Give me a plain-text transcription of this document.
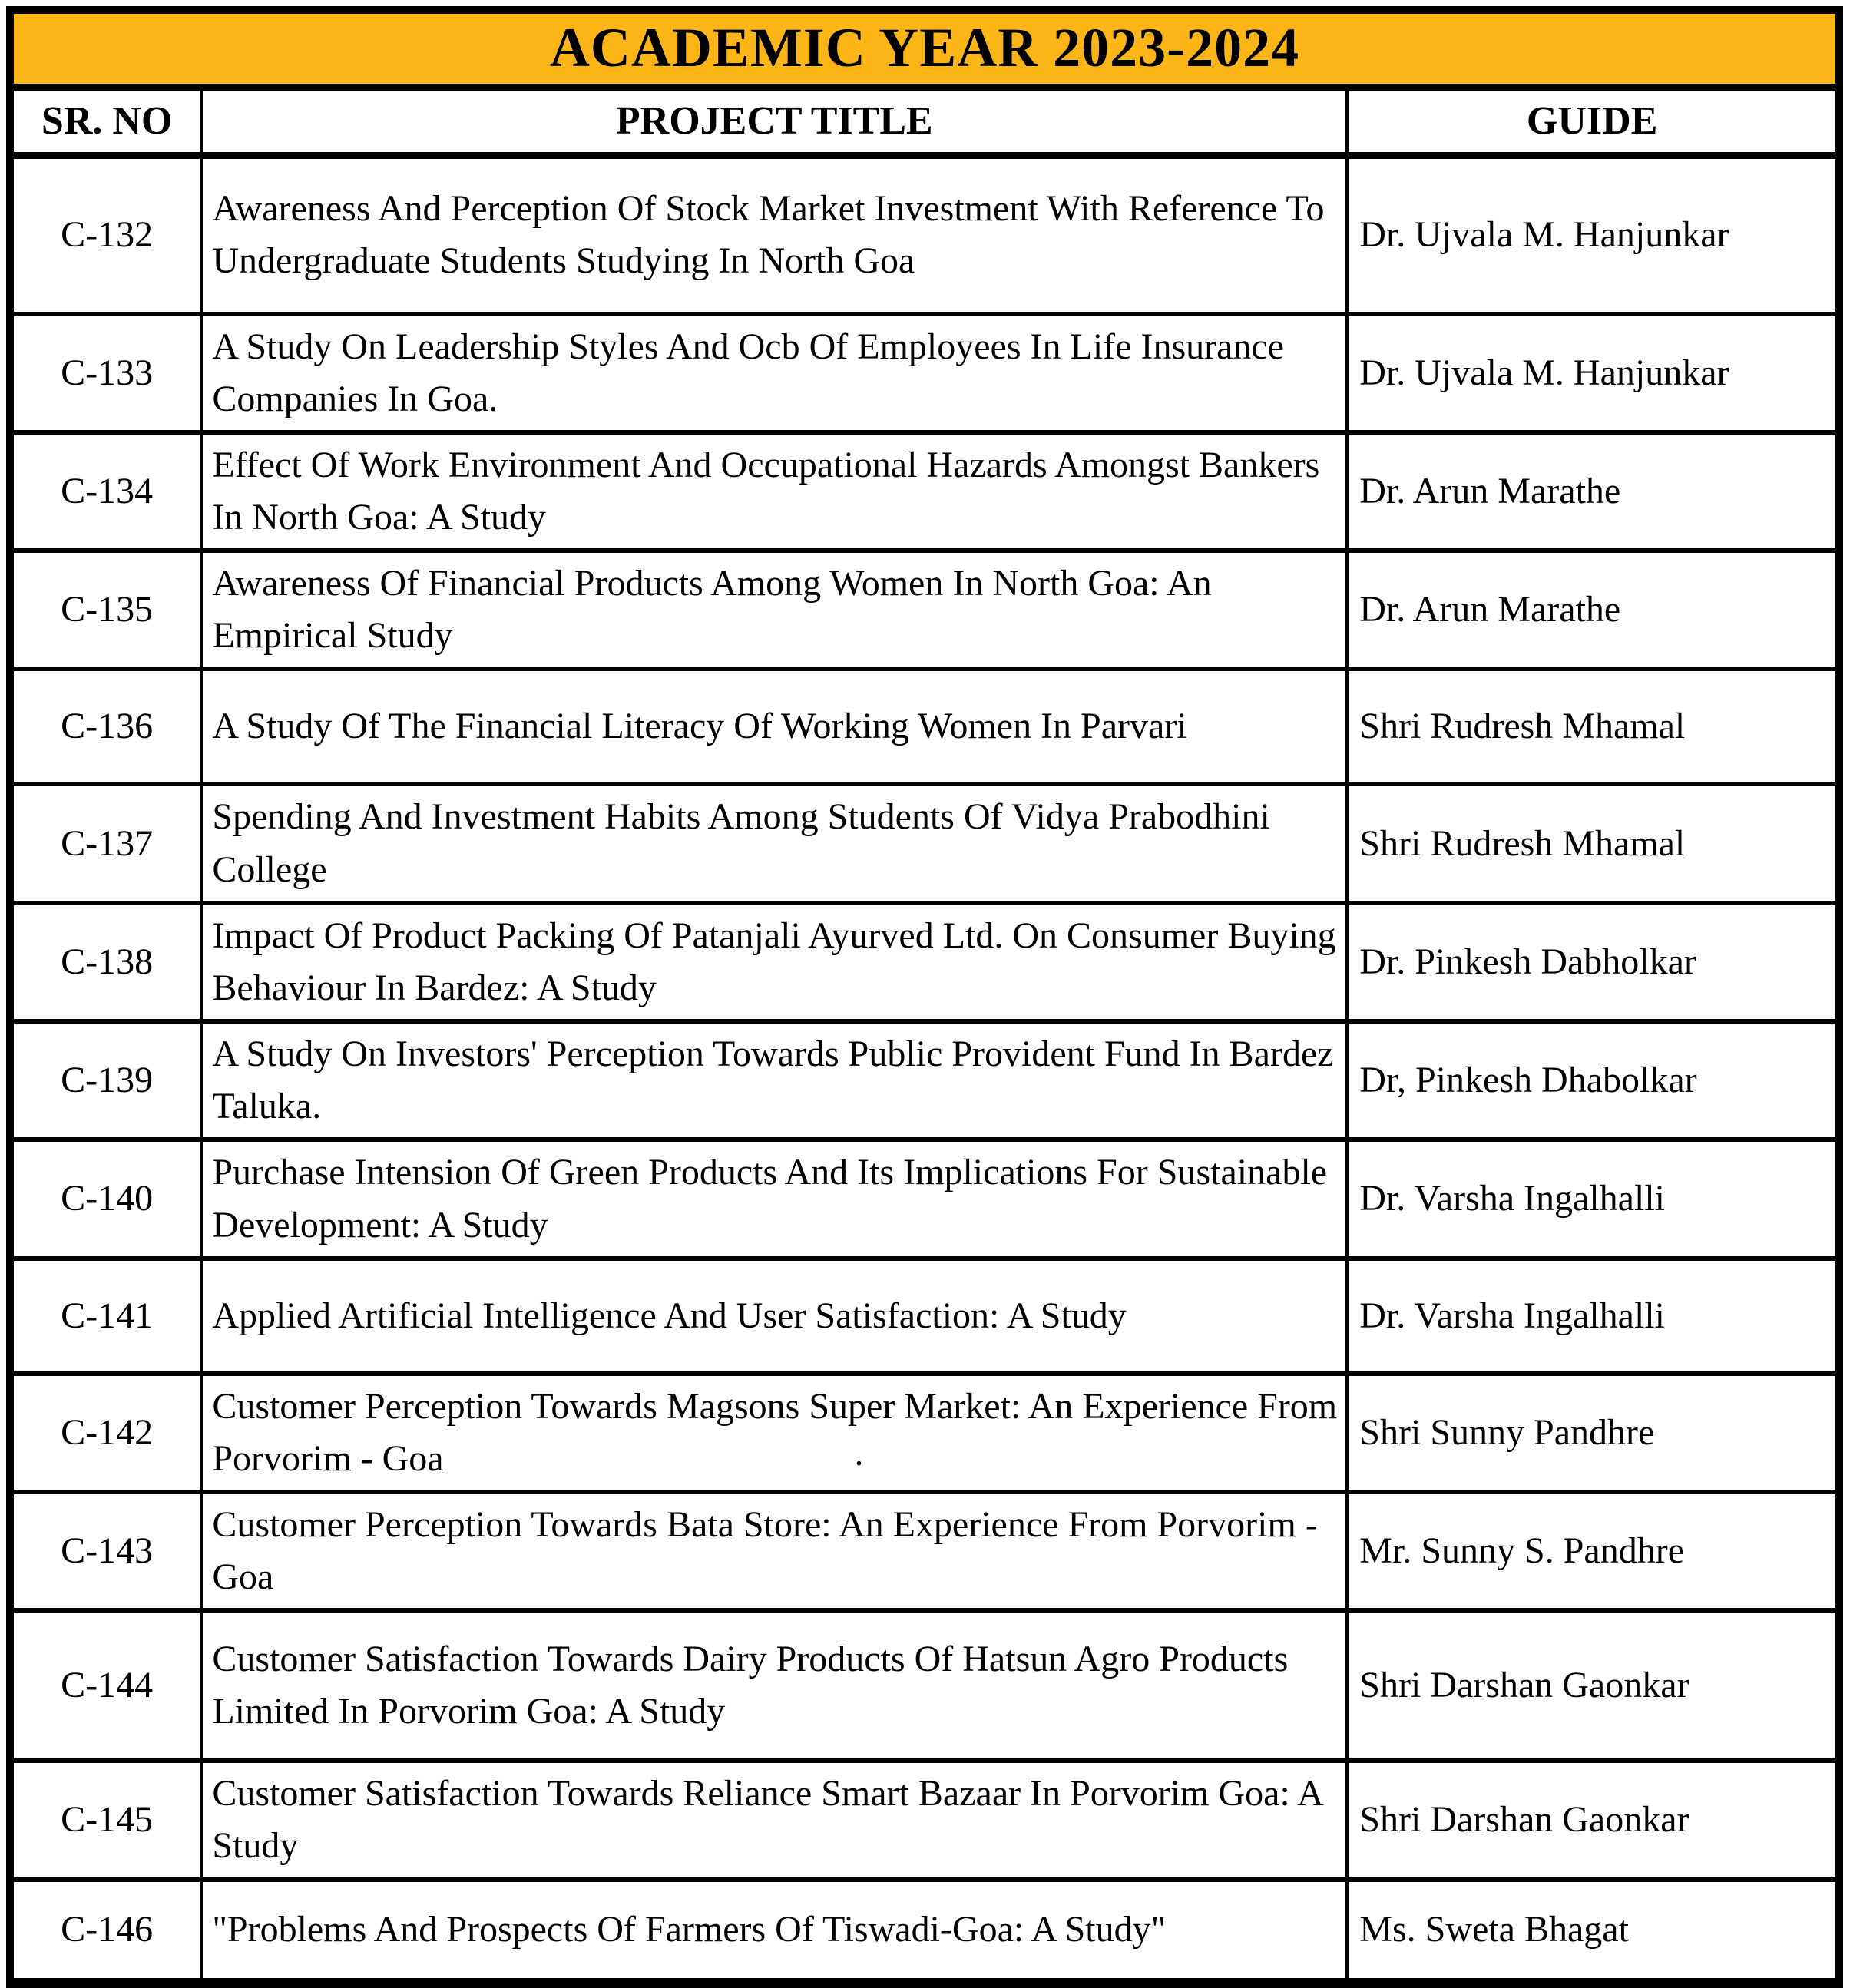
ACADEMIC YEAR 2023-2024
SR. NO	PROJECT TITLE	GUIDE
C-132	Awareness And Perception Of Stock Market Investment With Reference To Undergraduate Students Studying In North Goa	Dr. Ujvala M. Hanjunkar
C-133	A Study On Leadership Styles And Ocb Of Employees In Life Insurance Companies In Goa.	Dr. Ujvala M. Hanjunkar
C-134	Effect Of Work Environment And Occupational Hazards Amongst Bankers In North Goa: A Study	Dr. Arun Marathe
C-135	Awareness Of Financial Products Among Women In North Goa: An Empirical Study	Dr. Arun Marathe
C-136	A Study Of The Financial Literacy Of Working Women In Parvari	Shri Rudresh Mhamal
C-137	Spending And Investment Habits Among Students Of Vidya Prabodhini College	Shri Rudresh Mhamal
C-138	Impact Of Product Packing Of Patanjali Ayurved Ltd. On Consumer Buying Behaviour In Bardez: A Study	Dr. Pinkesh Dabholkar
C-139	A Study On Investors' Perception Towards Public Provident Fund In Bardez Taluka.	Dr, Pinkesh Dhabolkar
C-140	Purchase Intension Of Green Products And Its Implications For Sustainable Development: A Study	Dr. Varsha Ingalhalli
C-141	Applied Artificial Intelligence And User Satisfaction: A Study	Dr. Varsha Ingalhalli
C-142	Customer Perception Towards Magsons Super Market: An Experience From Porvorim - Goa .	Shri Sunny Pandhre
C-143	Customer Perception Towards Bata Store: An Experience From Porvorim - Goa	Mr. Sunny S. Pandhre
C-144	Customer Satisfaction Towards Dairy Products Of Hatsun Agro Products Limited In Porvorim Goa: A Study	Shri Darshan Gaonkar
C-145	Customer Satisfaction Towards Reliance Smart Bazaar In Porvorim Goa: A Study	Shri Darshan Gaonkar
C-146	"Problems And Prospects Of Farmers Of Tiswadi-Goa: A Study"	Ms. Sweta Bhagat
